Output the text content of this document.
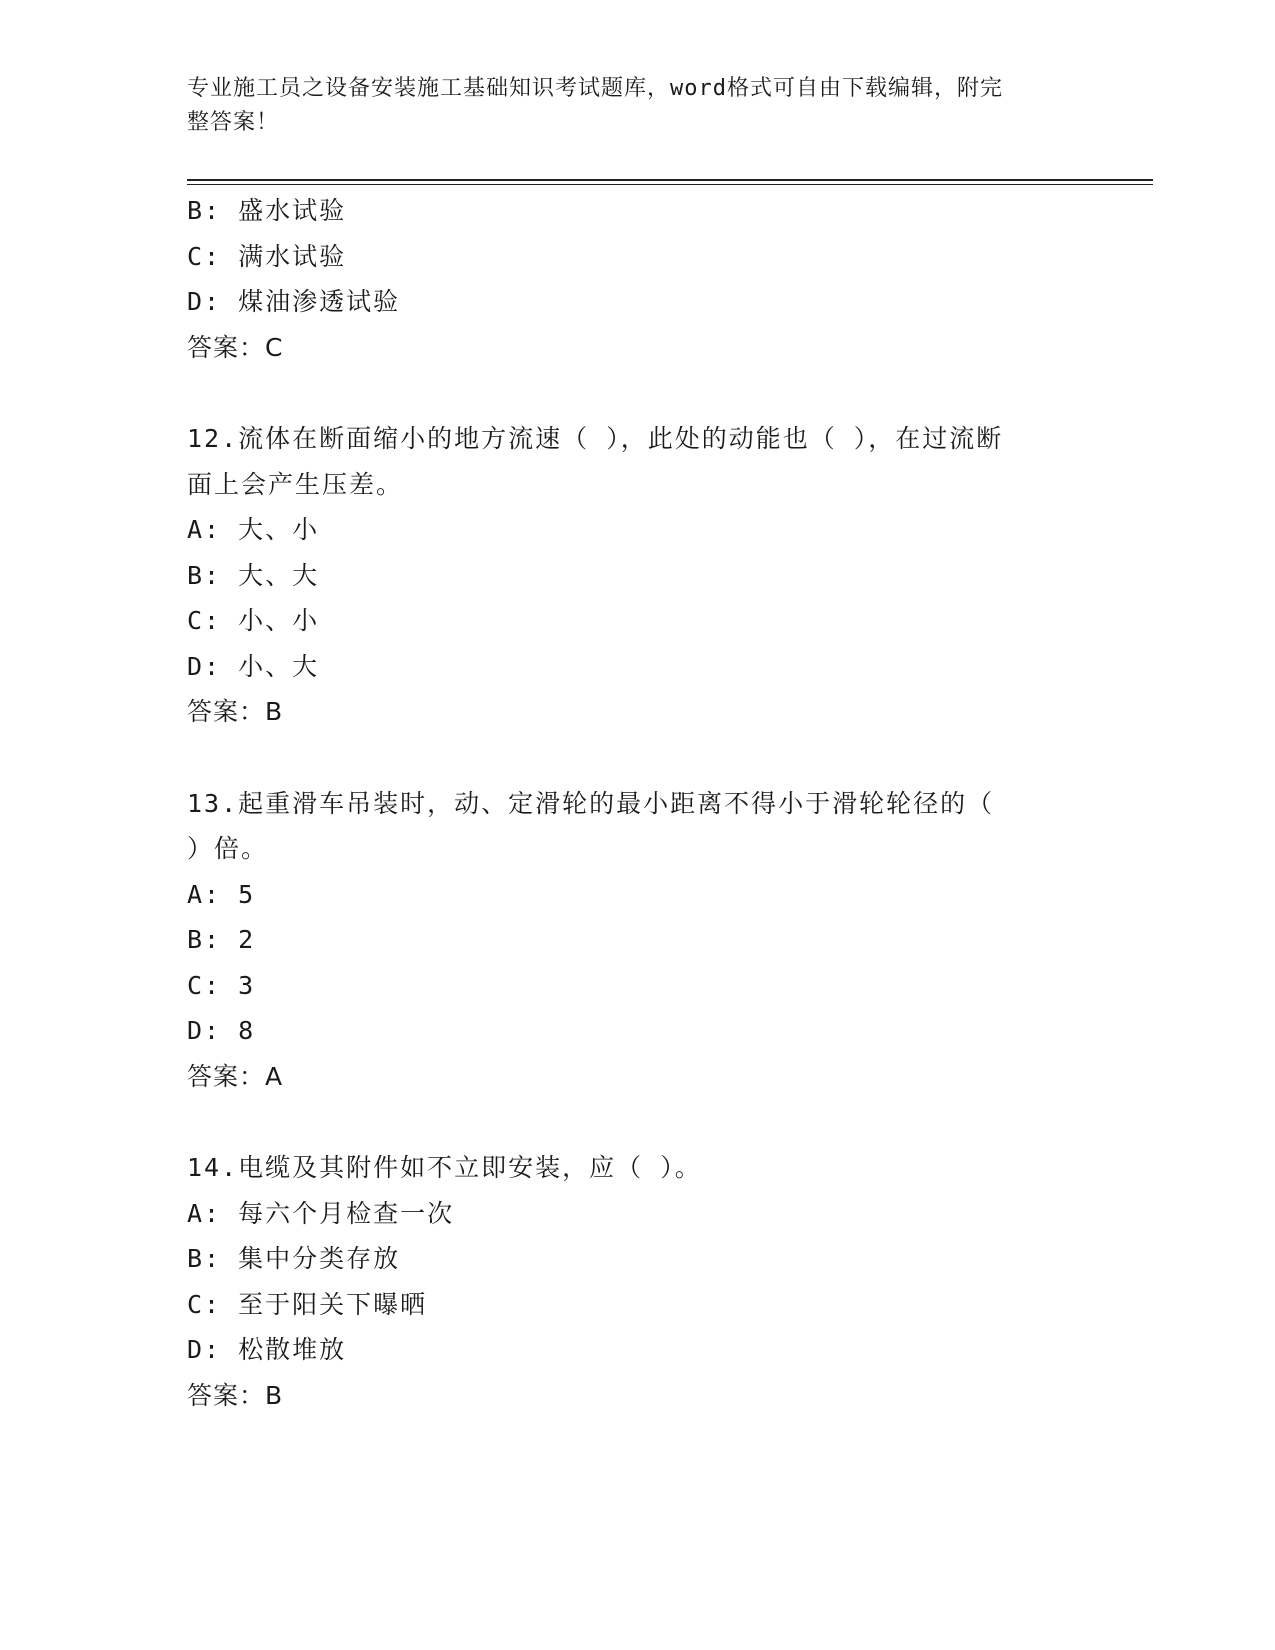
专业施工员之设备安装施工基础知识考试题库，word格式可自由下载编辑，附完
整答案！
B: 盛水试验
C: 满水试验
D: 煤油渗透试验
答案：C
12.流体在断面缩小的地方流速（ ），此处的动能也（ ），在过流断
面上会产生压差。
A: 大、小
B: 大、大
C: 小、小
D: 小、大
答案：B
13.起重滑车吊装时，动、定滑轮的最小距离不得小于滑轮轮径的（
）倍。
A: 5
B: 2
C: 3
D: 8
答案：A
14.电缆及其附件如不立即安装，应（ ）。
A: 每六个月检查一次
B: 集中分类存放
C: 至于阳关下曝晒
D: 松散堆放
答案：B
